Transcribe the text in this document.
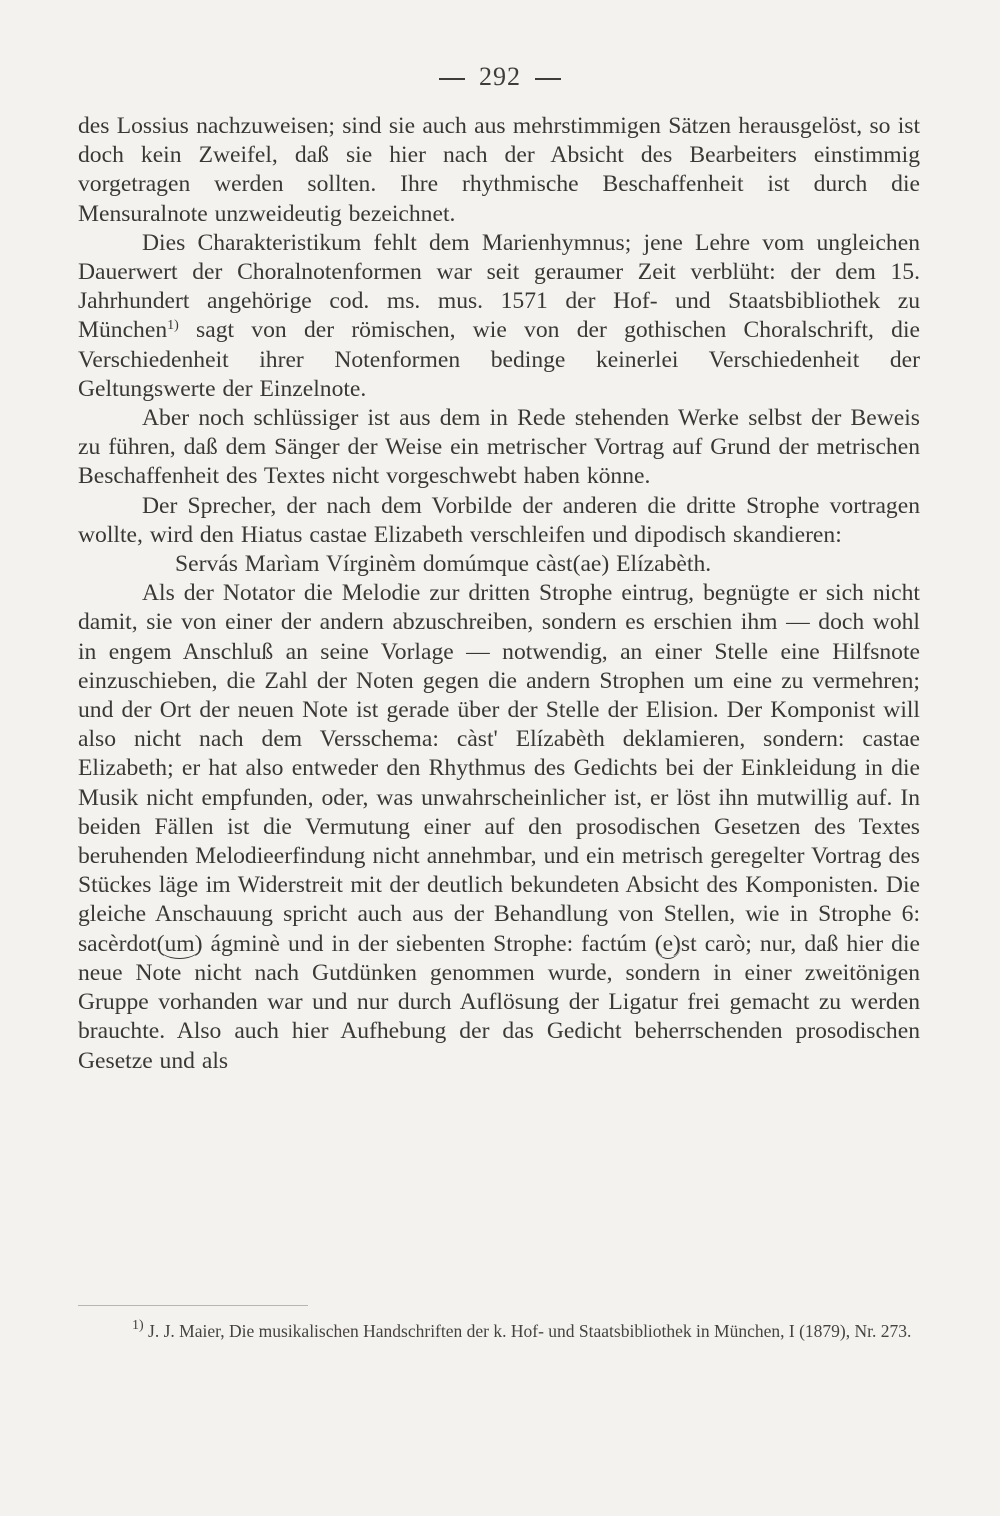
292

des Lossius nachzuweisen; sind sie auch aus mehrstimmigen Sätzen herausgelöst, so ist doch kein Zweifel, daß sie hier nach der Absicht des Bearbeiters einstimmig vorgetragen werden sollten. Ihre rhythmische Beschaffenheit ist durch die Mensuralnote unzweideutig bezeichnet.

Dies Charakteristikum fehlt dem Marienhymnus; jene Lehre vom ungleichen Dauerwert der Choralnotenformen war seit geraumer Zeit verblüht: der dem 15. Jahrhundert angehörige cod. ms. mus. 1571 der Hof- und Staatsbibliothek zu München$^{1)}$ sagt von der römischen, wie von der gothischen Choralschrift, die Verschiedenheit ihrer Notenformen bedinge keinerlei Verschiedenheit der Geltungswerte der Einzelnote.

Aber noch schlüssiger ist aus dem in Rede stehenden Werke selbst der Beweis zu führen, daß dem Sänger der Weise ein metrischer Vortrag auf Grund der metrischen Beschaffenheit des Textes nicht vorgeschwebt haben könne.

Der Sprecher, der nach dem Vorbilde der anderen die dritte Strophe vortragen wollte, wird den Hiatus castae Elizabeth verschleifen und dipodisch skandieren:

Servás Marìam Vírginèm domúmque càst(ae) Elízabèth.

Als der Notator die Melodie zur dritten Strophe eintrug, begnügte er sich nicht damit, sie von einer der andern abzuschreiben, sondern es erschien ihm — doch wohl in engem Anschluß an seine Vorlage — notwendig, an einer Stelle eine Hilfsnote einzuschieben, die Zahl der Noten gegen die andern Strophen um eine zu vermehren; und der Ort der neuen Note ist gerade über der Stelle der Elision. Der Komponist will also nicht nach dem Versschema: càst' Elízabèth deklamieren, sondern: castae Elizabeth; er hat also entweder den Rhythmus des Gedichts bei der Einkleidung in die Musik nicht empfunden, oder, was unwahrscheinlicher ist, er löst ihn mutwillig auf. In beiden Fällen ist die Vermutung einer auf den prosodischen Gesetzen des Textes beruhenden Melodieerfindung nicht annehmbar, und ein metrisch geregelter Vortrag des Stückes läge im Widerstreit mit der deutlich bekundeten Absicht des Komponisten. Die gleiche Anschauung spricht auch aus der Behandlung von Stellen, wie in Strophe 6: sacèrdot(um) ágminè und in der siebenten Strophe: factúm (e)st carò; nur, daß hier die neue Note nicht nach Gutdünken genommen wurde, sondern in einer zweitönigen Gruppe vorhanden war und nur durch Auflösung der Ligatur frei gemacht zu werden brauchte. Also auch hier Aufhebung der das Gedicht beherrschenden prosodischen Gesetze und als

$^{1)}$ J. J. Maier, Die musikalischen Handschriften der k. Hof- und Staatsbibliothek in München, I (1879), Nr. 273.
